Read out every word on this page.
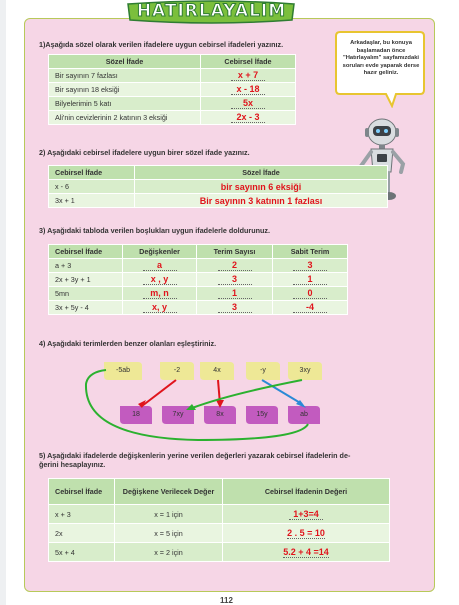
HATIRLAYALIM
1)Aşağıda sözel olarak verilen ifadelere uygun cebirsel ifadeleri yazınız.
Sözel İfade	Cebirsel İfade
Bir sayının 7 fazlası	x + 7
Bir sayının 18 eksiği	x - 18
Bilyelerimin 5 katı	5x
Ali'nin cevizlerinin 2 katının 3 eksiği	2x - 3
Arkadaşlar, bu konuya başlamadan önce "Hatırlayalım" sayfamızdaki soruları evde yaparak derse hazır geliniz.
2) Aşağıdaki cebirsel ifadelere uygun birer sözel ifade yazınız.
Cebirsel İfade	Sözel İfade
x - 6	bir sayının 6 eksiği
3x + 1	Bir sayının 3 katının 1 fazlası
3) Aşağıdaki tabloda verilen boşlukları uygun ifadelerle doldurunuz.
Cebirsel İfade	Değişkenler	Terim Sayısı	Sabit Terim
a + 3	a	2	3
2x + 3y + 1	x , y	3	1
5mn	m, n	1	0
3x + 5y - 4	x, y	3	-4
4) Aşağıdaki terimlerden benzer olanları eşleştiriniz.
-5ab	-2	4x	-y	3xy
18	7xy	8x	15y	ab
5) Aşağıdaki ifadelerde değişkenlerin yerine verilen değerleri yazarak cebirsel ifadelerin de-
ğerini hesaplayınız.
Cebirsel İfade	Değişkene Verilecek Değer	Cebirsel İfadenin Değeri
x + 3	x = 1 için	1+3=4
2x	x = 5 için	2 . 5 = 10
5x + 4	x = 2 için	5.2 + 4 =14
112
